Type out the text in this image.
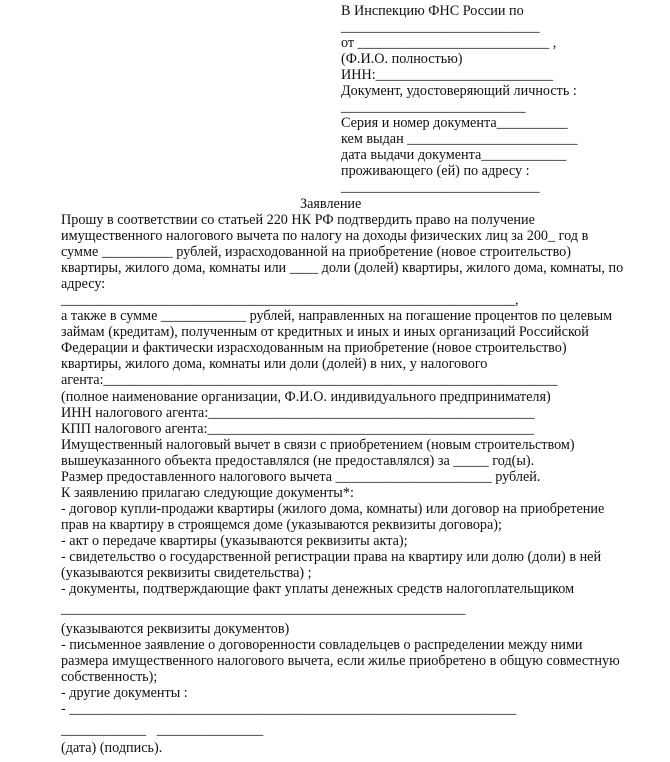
В Инспекцию ФНС России по
____________________________
от ___________________________ ,
(Ф.И.О. полностью)
ИНН:_________________________
Документ, удостоверяющий личность :
__________________________
Серия и номер документа__________
кем выдан ________________________
дата выдачи документа____________
проживающего (ей) по адресу :
____________________________
Заявление
Прошу в соответствии со статьей 220 НК РФ подтвердить право на получение
имущественного налогового вычета по налогу на доходы физических лиц за 200_ год в
сумме __________ рублей, израсходованной на приобретение (новое строительство)
квартиры, жилого дома, комнаты или ____ доли (долей) квартиры, жилого дома, комнаты, по
адресу:
________________________________________________________________,
а также в сумме ____________ рублей, направленных на погашение процентов по целевым
займам (кредитам), полученным от кредитных и иных и иных организаций Российской
Федерации и фактически израсходованным на приобретение (новое строительство)
квартиры, жилого дома, комнаты или доли (долей) в них, у налогового
агента:________________________________________________________________
(полное наименование организации, Ф.И.О. индивидуального предпринимателя)
ИНН налогового агента:______________________________________________
КПП налогового агента:______________________________________________
Имущественный налоговый вычет в связи с приобретением (новым строительством)
вышеуказанного объекта предоставлялся (не предоставлялся) за _____ год(ы).
Размер предоставленного налогового вычета ______________________ рублей.
К заявлению прилагаю следующие документы*:
- договор купли-продажи квартиры (жилого дома, комнаты) или договор на приобретение
прав на квартиру в строящемся доме (указываются реквизиты договора);
- акт о передаче квартиры (указываются реквизиты акта);
- свидетельство о государственной регистрации права на квартиру или долю (доли) в ней
(указываются реквизиты свидетельства) ;
- документы, подтверждающие факт уплаты денежных средств налогоплательщиком
_________________________________________________________
(указываются реквизиты документов)
- письменное заявление о договоренности совладельцев о распределении между ними
размера имущественного налогового вычета, если жилье приобретено в общую совместную
собственность);
- другие документы :
- _______________________________________________________________
____________   _______________
(дата) (подпись).
